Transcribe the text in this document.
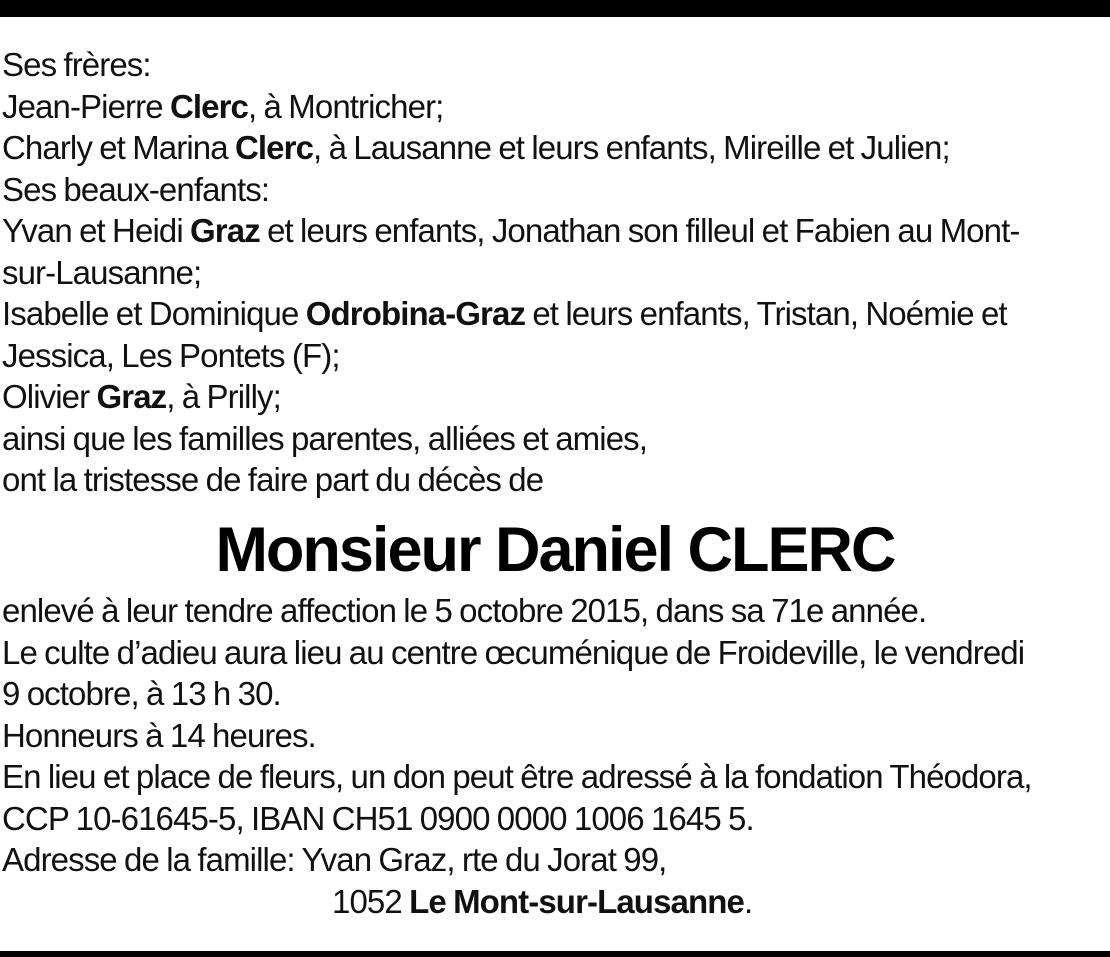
Ses frères:
Jean-Pierre Clerc, à Montricher;
Charly et Marina Clerc, à Lausanne et leurs enfants, Mireille et Julien;
Ses beaux-enfants:
Yvan et Heidi Graz et leurs enfants, Jonathan son filleul et Fabien au Mont-
sur-Lausanne;
Isabelle et Dominique Odrobina-Graz et leurs enfants, Tristan, Noémie et
Jessica, Les Pontets (F);
Olivier Graz, à Prilly;
ainsi que les familles parentes, alliées et amies,
ont la tristesse de faire part du décès de
Monsieur Daniel CLERC
enlevé à leur tendre affection le 5 octobre 2015, dans sa 71e année.
Le culte d’adieu aura lieu au centre œcuménique de Froideville, le vendredi
9 octobre, à 13 h 30.
Honneurs à 14 heures.
En lieu et place de fleurs, un don peut être adressé à la fondation Théodora,
CCP 10-61645-5, IBAN CH51 0900 0000 1006 1645 5.
Adresse de la famille: Yvan Graz, rte du Jorat 99,
1052 Le Mont-sur-Lausanne.
